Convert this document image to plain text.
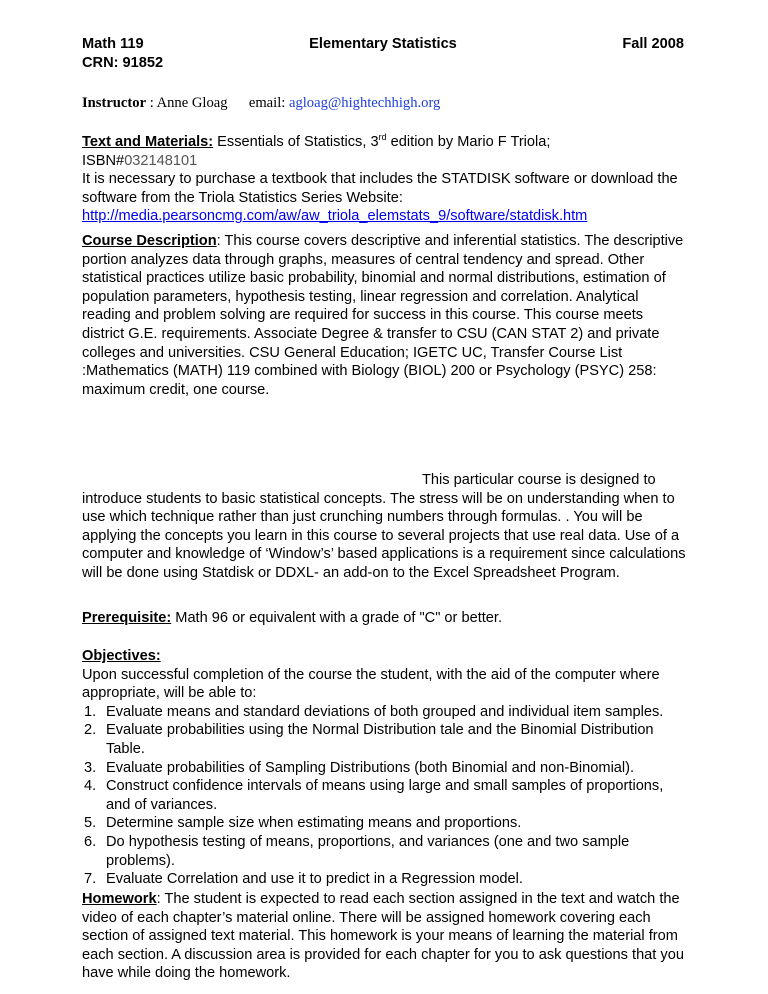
Math 119
CRN: 91852
Elementary Statistics	Fall 2008
Instructor : Anne Gloag email: agloag@hightechhigh.org

Text and Materials: Essentials of Statistics, 3rd edition by Mario F Triola;

ISBN#032148101

It is necessary to purchase a textbook that includes the STATDISK software or download the software from the Triola Statistics Series Website:

http://media.pearsoncmg.com/aw/aw_triola_elemstats_9/software/statdisk.htm

Course Description: This course covers descriptive and inferential statistics. The descriptive portion analyzes data through graphs, measures of central tendency and spread. Other statistical practices utilize basic probability, binomial and normal distributions, estimation of population parameters, hypothesis testing, linear regression and correlation. Analytical reading and problem solving are required for success in this course. This course meets district G.E. requirements. Associate Degree & transfer to CSU (CAN STAT 2) and private colleges and universities. CSU General Education; IGETC UC, Transfer Course List :Mathematics (MATH) 119 combined with Biology (BIOL) 200 or Psychology (PSYC) 258: maximum credit, one course.

This particular course is designed to introduce students to basic statistical concepts. The stress will be on understanding when to use which technique rather than just crunching numbers through formulas. . You will be applying the concepts you learn in this course to several projects that use real data. Use of a computer and knowledge of ‘Window’s’ based applications is a requirement since calculations will be done using Statdisk or DDXL- an add-on to the Excel Spreadsheet Program.

Prerequisite: Math 96 or equivalent with a grade of "C" or better.

Objectives:

Upon successful completion of the course the student, with the aid of the computer where appropriate, will be able to:

1. Evaluate means and standard deviations of both grouped and individual item samples.
2. Evaluate probabilities using the Normal Distribution tale and the Binomial Distribution Table.
3. Evaluate probabilities of Sampling Distributions (both Binomial and non-Binomial).
4. Construct confidence intervals of means using large and small samples of proportions, and of variances.
5. Determine sample size when estimating means and proportions.
6. Do hypothesis testing of means, proportions, and variances (one and two sample problems).
7. Evaluate Correlation and use it to predict in a Regression model.

Homework: The student is expected to read each section assigned in the text and watch the video of each chapter’s material online. There will be assigned homework covering each section of assigned text material. This homework is your means of learning the material from each section. A discussion area is provided for each chapter for you to ask questions that you have while doing the homework.
